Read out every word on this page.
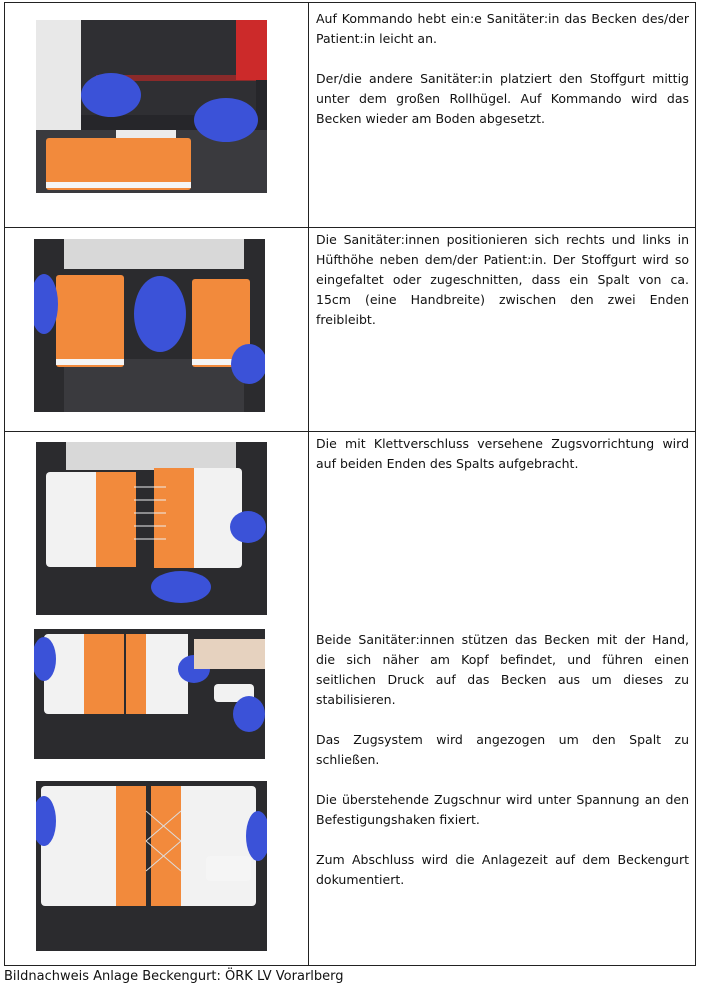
Auf Kommando hebt ein:e Sanitäter:in das Becken des/der Patient:in leicht an.

Der/die andere Sanitäter:in platziert den Stoffgurt mittig unter dem großen Rollhügel. Auf Kommando wird das Becken wieder am Boden abgesetzt.

Die Sanitäter:innen positionieren sich rechts und links in Hüfthöhe neben dem/der Patient:in. Der Stoffgurt wird so eingefaltet oder zugeschnitten, dass ein Spalt von ca. 15cm (eine Handbreite) zwischen den zwei Enden freibleibt.

Die mit Klettverschluss versehene Zugsvorrichtung wird auf beiden Enden des Spalts aufgebracht.

Beide Sanitäter:innen stützen das Becken mit der Hand, die sich näher am Kopf befindet, und führen einen seitlichen Druck auf das Becken aus um dieses zu stabilisieren.

Das Zugsystem wird angezogen um den Spalt zu schließen.

Die überstehende Zugschnur wird unter Spannung an den Befestigungshaken fixiert.

Zum Abschluss wird die Anlagezeit auf dem Beckengurt dokumentiert.

Bildnachweis Anlage Beckengurt: ÖRK LV Vorarlberg
